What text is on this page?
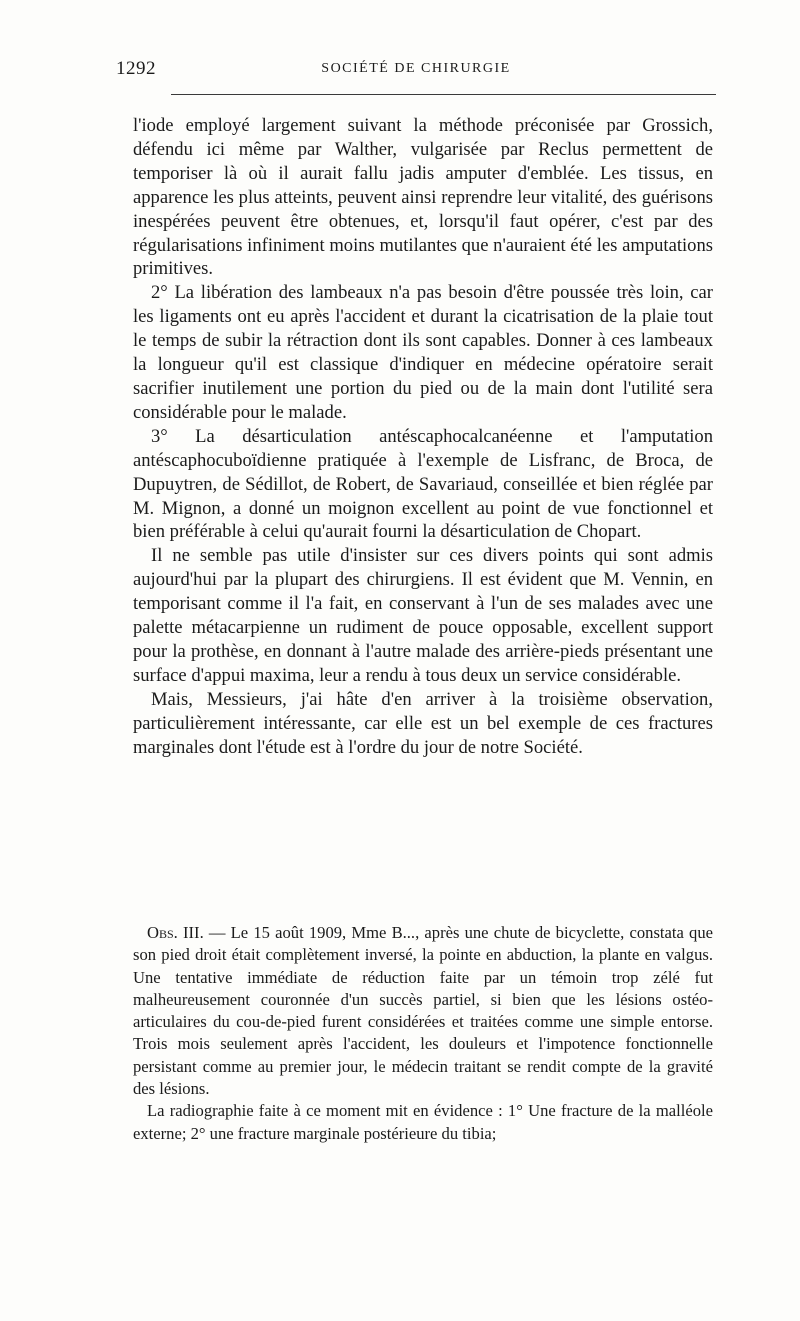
1292	SOCIÉTÉ DE CHIRURGIE

l'iode employé largement suivant la méthode préconisée par Grossich, défendu ici même par Walther, vulgarisée par Reclus permettent de temporiser là où il aurait fallu jadis amputer d'emblée. Les tissus, en apparence les plus atteints, peuvent ainsi reprendre leur vitalité, des guérisons inespérées peuvent être obtenues, et, lorsqu'il faut opérer, c'est par des régularisations infiniment moins mutilantes que n'auraient été les amputations primitives.

2° La libération des lambeaux n'a pas besoin d'être poussée très loin, car les ligaments ont eu après l'accident et durant la cicatrisation de la plaie tout le temps de subir la rétraction dont ils sont capables. Donner à ces lambeaux la longueur qu'il est classique d'indiquer en médecine opératoire serait sacrifier inutilement une portion du pied ou de la main dont l'utilité sera considérable pour le malade.

3° La désarticulation antéscaphocalcanéenne et l'amputation antéscaphocuboïdienne pratiquée à l'exemple de Lisfranc, de Broca, de Dupuytren, de Sédillot, de Robert, de Savariaud, conseillée et bien réglée par M. Mignon, a donné un moignon excellent au point de vue fonctionnel et bien préférable à celui qu'aurait fourni la désarticulation de Chopart.

Il ne semble pas utile d'insister sur ces divers points qui sont admis aujourd'hui par la plupart des chirurgiens. Il est évident que M. Vennin, en temporisant comme il l'a fait, en conservant à l'un de ses malades avec une palette métacarpienne un rudiment de pouce opposable, excellent support pour la prothèse, en donnant à l'autre malade des arrière-pieds présentant une surface d'appui maxima, leur a rendu à tous deux un service considérable.

Mais, Messieurs, j'ai hâte d'en arriver à la troisième observation, particulièrement intéressante, car elle est un bel exemple de ces fractures marginales dont l'étude est à l'ordre du jour de notre Société.

Obs. III. — Le 15 août 1909, Mme B..., après une chute de bicyclette, constata que son pied droit était complètement inversé, la pointe en abduction, la plante en valgus. Une tentative immédiate de réduction faite par un témoin trop zélé fut malheureusement couronnée d'un succès partiel, si bien que les lésions ostéo-articulaires du cou-de-pied furent considérées et traitées comme une simple entorse. Trois mois seulement après l'accident, les douleurs et l'impotence fonctionnelle persistant comme au premier jour, le médecin traitant se rendit compte de la gravité des lésions.

La radiographie faite à ce moment mit en évidence : 1° Une fracture de la malléole externe; 2° une fracture marginale postérieure du tibia;
